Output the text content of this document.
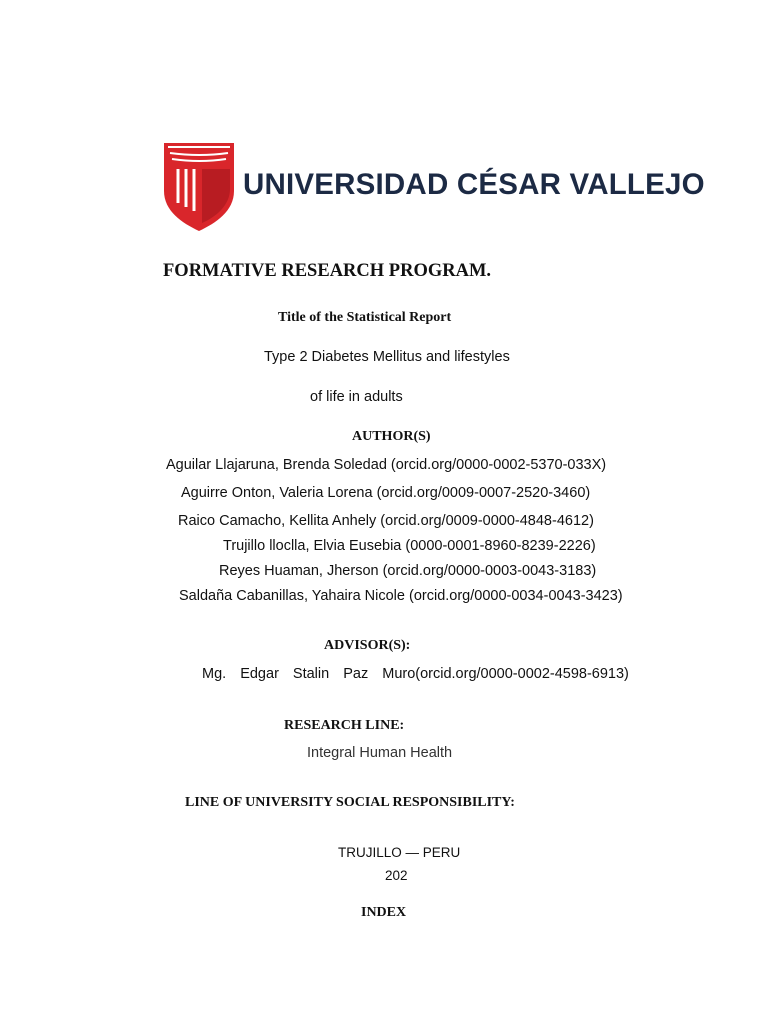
UNIVERSIDAD CÉSAR VALLEJO
FORMATIVE RESEARCH PROGRAM.
Title of the Statistical Report
Type 2 Diabetes Mellitus and lifestyles
of life in adults
AUTHOR(S)
Aguilar Llajaruna, Brenda Soledad (orcid.org/0000-0002-5370-033X)
Aguirre Onton, Valeria Lorena (orcid.org/0009-0007-2520-3460)
Raico Camacho, Kellita Anhely (orcid.org/0009-0000-4848-4612)
Trujillo lloclla, Elvia Eusebia (0000-0001-8960-8239-2226)
Reyes Huaman, Jherson (orcid.org/0000-0003-0043-3183)
Saldaña Cabanillas, Yahaira Nicole (orcid.org/0000-0034-0043-3423)
ADVISOR(S):
Mg. Edgar Stalin Paz Muro(orcid.org/0000-0002-4598-6913)
RESEARCH LINE:
Integral Human Health
LINE OF UNIVERSITY SOCIAL RESPONSIBILITY:
TRUJILLO — PERU
202
INDEX
